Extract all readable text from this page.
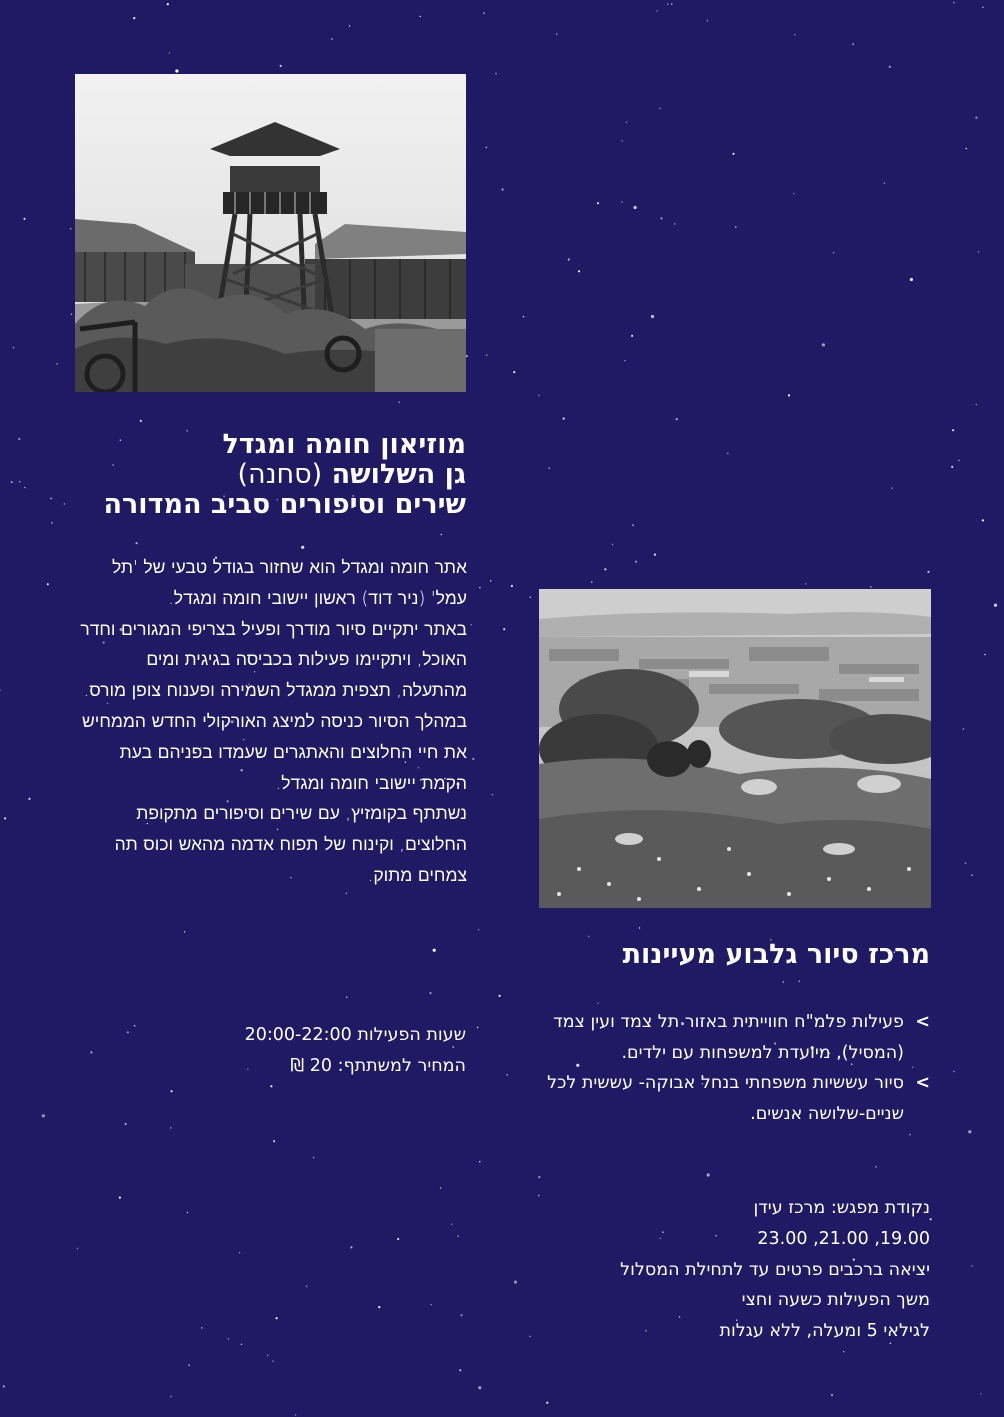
מוזיאון חומה ומגדל
גן השלושה (סחנה)
שירים וסיפורים סביב המדורה

אתר חומה ומגדל הוא שחזור בגודל טבעי של 'תל עמל' (ניר דוד) ראשון יישובי חומה ומגדל.

באתר יתקיים סיור מודרך ופעיל בצריפי המגורים וחדר האוכל, ויתקיימו פעילות בכביסה בגיגית ומים מהתעלה, תצפית ממגדל השמירה ופענוח צופן מורס.

במהלך הסיור כניסה למיצג האורקולי החדש הממחיש את חיי החלוצים והאתגרים שעמדו בפניהם בעת הקמת יישובי חומה ומגדל.

נשתתף בקומזיץ, עם שירים וסיפורים מתקופת החלוצים, וקינוח של תפוח אדמה מהאש וכוס תה צמחים מתוק.

שעות הפעילות 20:00-22:00
המחיר למשתתף: 20 ₪
מרכז סיור גלבוע מעיינות
>
פעילות פלמ"ח חווייתית באזור תל צמד ועין צמד (המסיל). מיועדת למשפחות עם ילדים.
>
סיור עששיות משפחתי בנחל אבוקה- עששית לכל שניים-שלושה אנשים.
נקודת מפגש: מרכז עידן
19.00, 21.00, 23.00
יציאה ברכבים פרטים עד לתחילת המסלול
משך הפעילות כשעה וחצי
לגילאי 5 ומעלה, ללא עגלות
